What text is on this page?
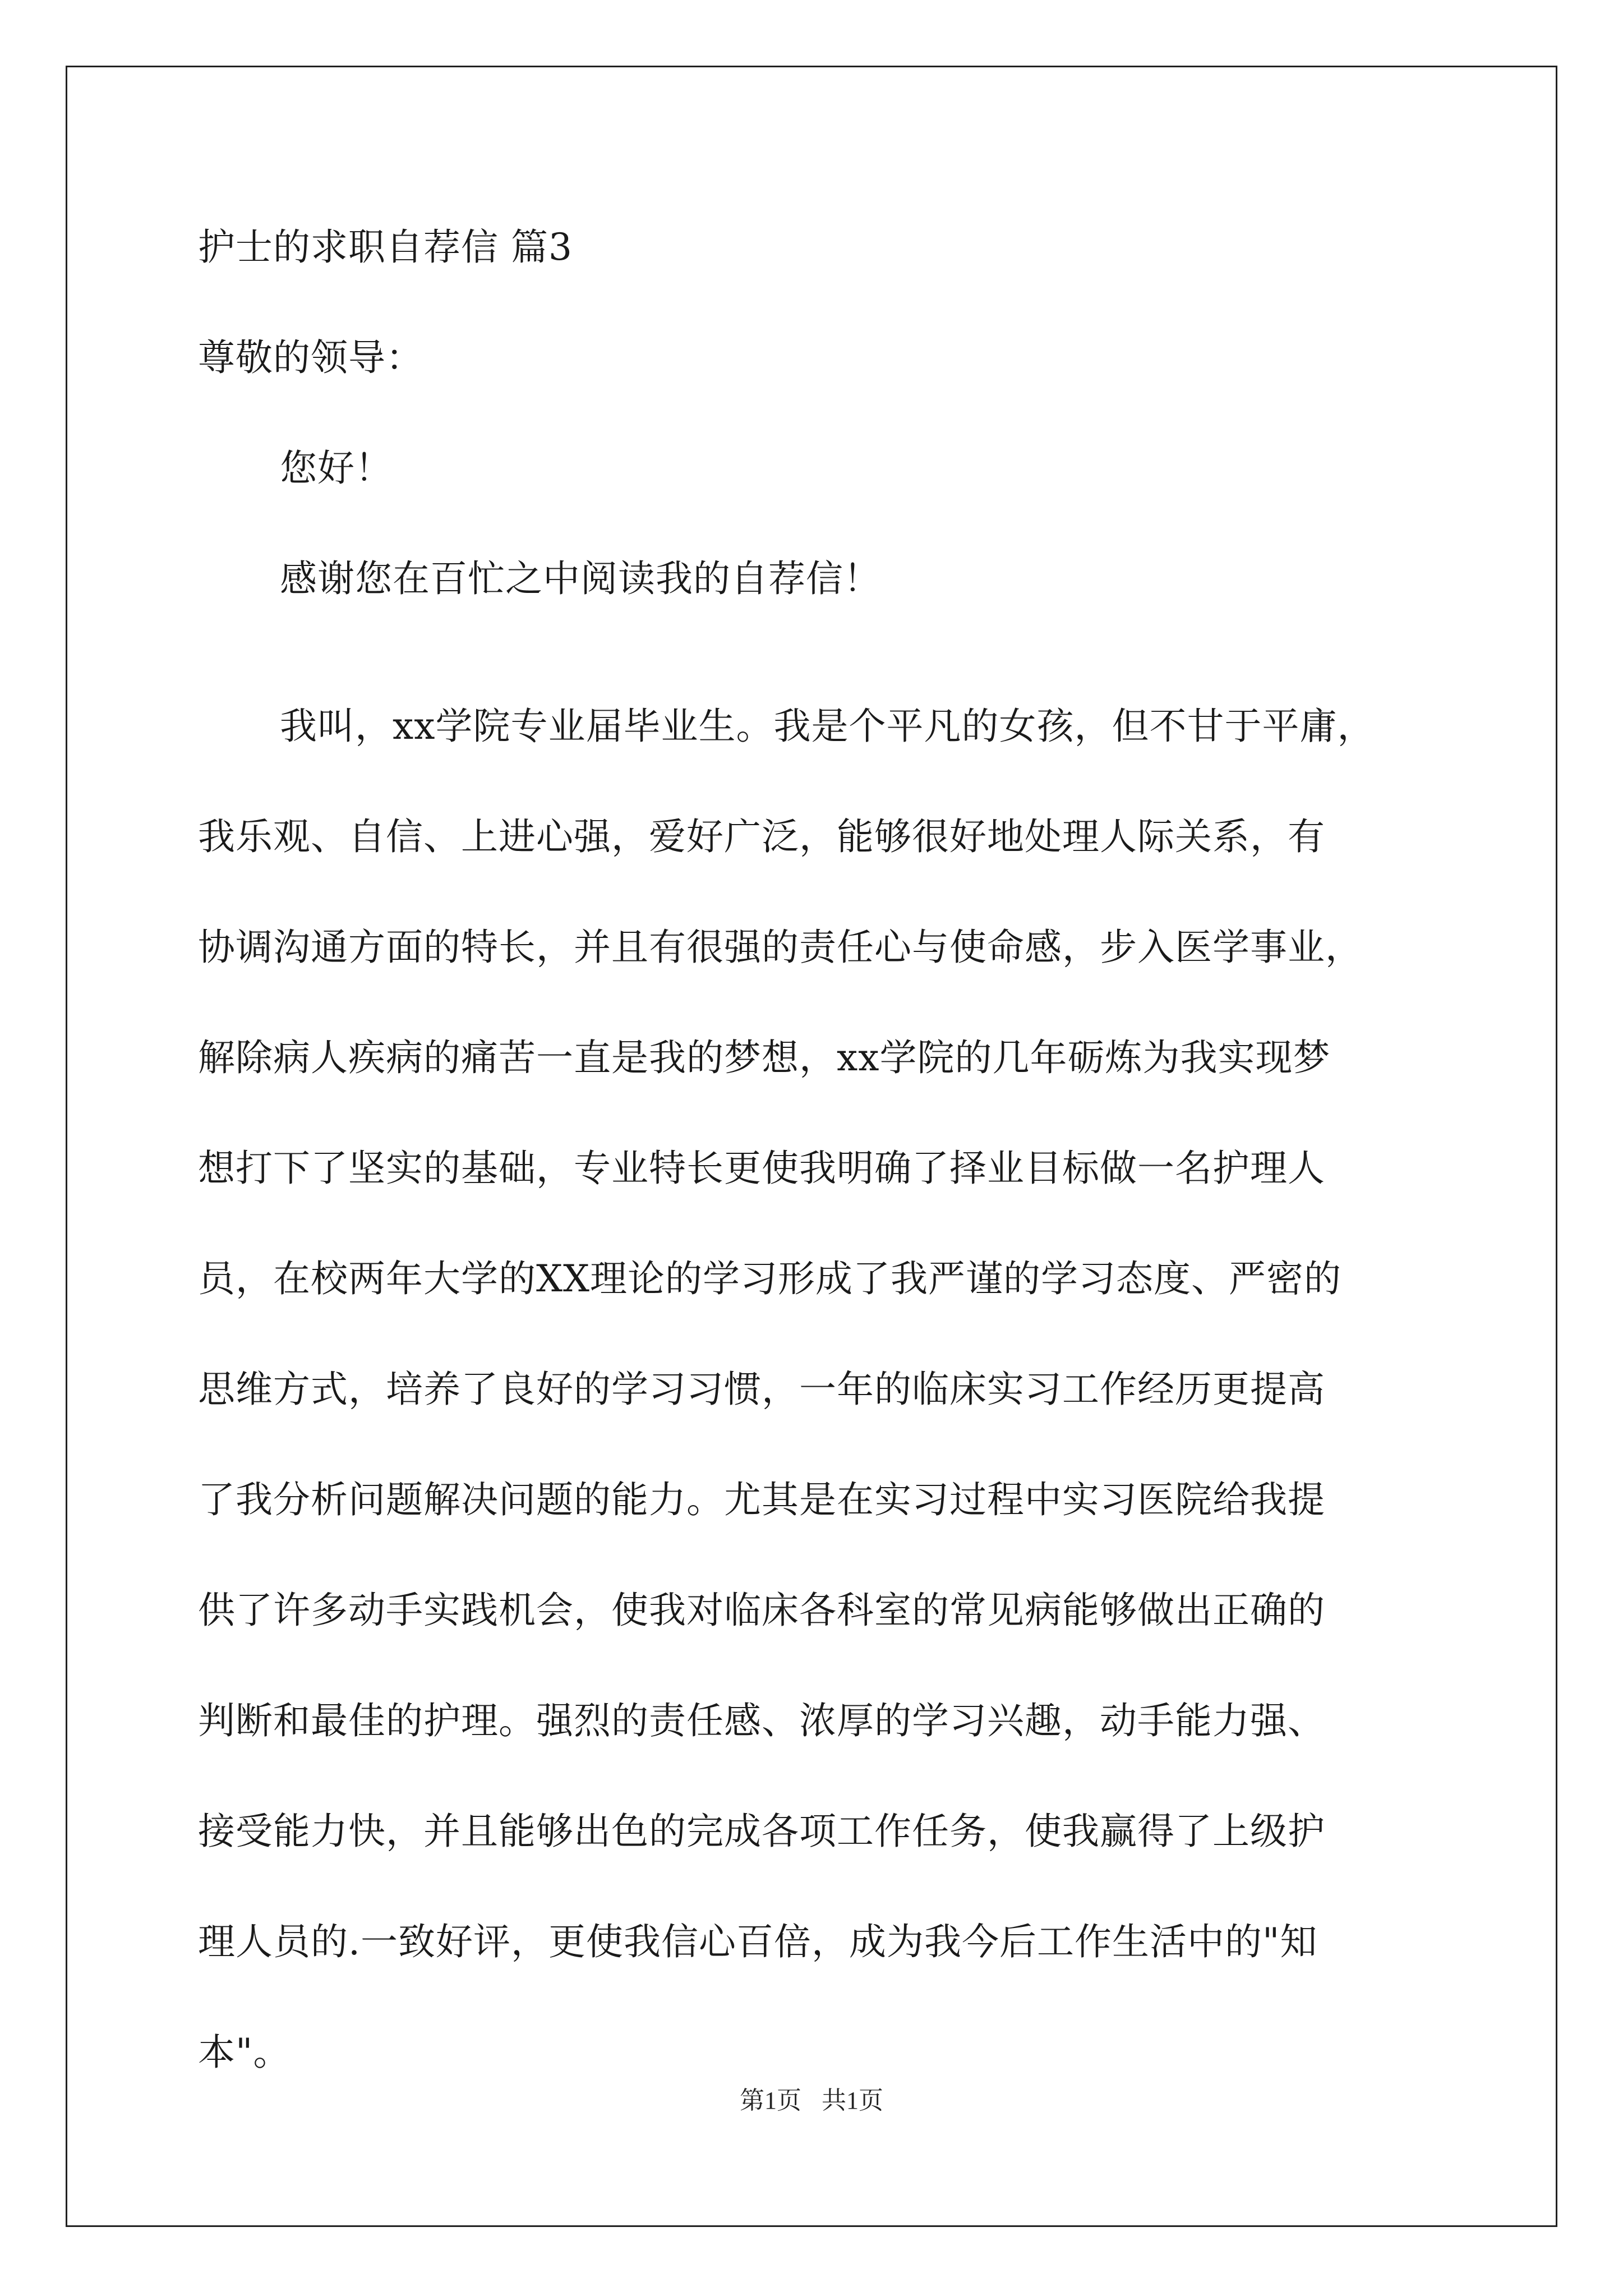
护士的求职自荐信 篇3

尊敬的领导：

您好！

感谢您在百忙之中阅读我的自荐信！

我叫，xx学院专业届毕业生。我是个平凡的女孩，但不甘于平庸，
我乐观、自信、上进心强，爱好广泛，能够很好地处理人际关系，有
协调沟通方面的特长，并且有很强的责任心与使命感，步入医学事业，
解除病人疾病的痛苦一直是我的梦想，xx学院的几年砺炼为我实现梦
想打下了坚实的基础，专业特长更使我明确了择业目标做一名护理人
员，在校两年大学的XX理论的学习形成了我严谨的学习态度、严密的
思维方式，培养了良好的学习习惯，一年的临床实习工作经历更提高
了我分析问题解决问题的能力。尤其是在实习过程中实习医院给我提
供了许多动手实践机会，使我对临床各科室的常见病能够做出正确的
判断和最佳的护理。强烈的责任感、浓厚的学习兴趣，动手能力强、
接受能力快，并且能够出色的完成各项工作任务，使我赢得了上级护
理人员的.一致好评，更使我信心百倍，成为我今后工作生活中的"知
本"。
第1页 共1页
